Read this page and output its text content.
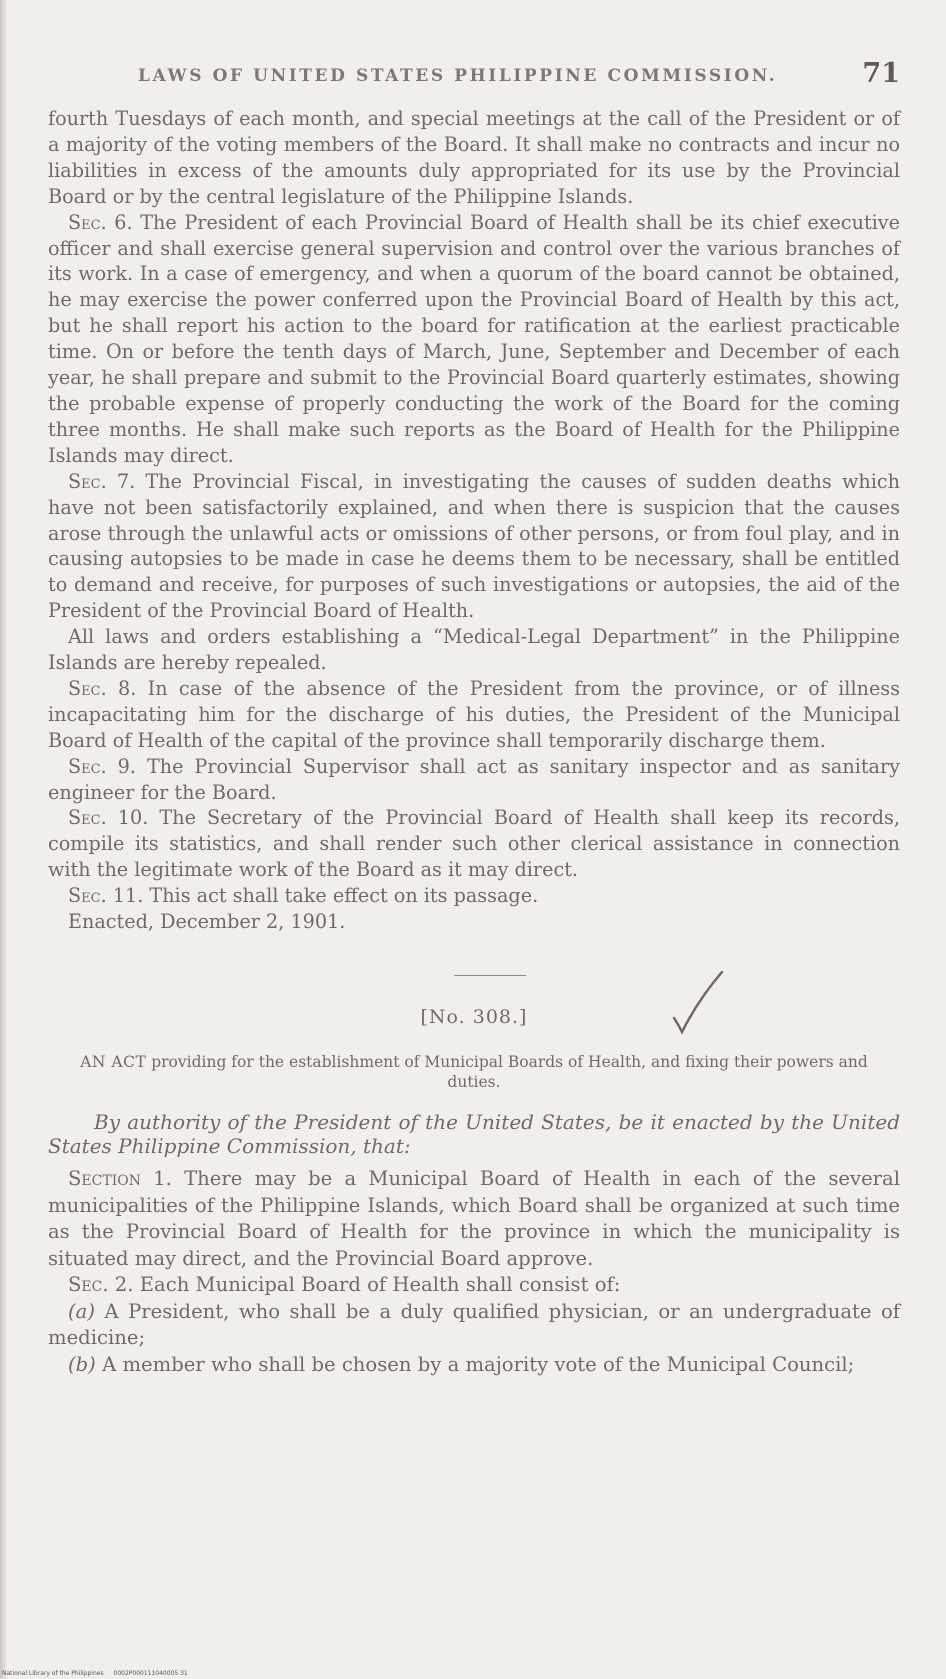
LAWS OF UNITED STATES PHILIPPINE COMMISSION.	71

fourth Tuesdays of each month, and special meetings at the call of the President or of a majority of the voting members of the Board. It shall make no contracts and incur no liabilities in excess of the amounts duly appropriated for its use by the Provincial Board or by the central legislature of the Philippine Islands.

Sec. 6. The President of each Provincial Board of Health shall be its chief executive officer and shall exercise general supervision and control over the various branches of its work. In a case of emergency, and when a quorum of the board cannot be obtained, he may exercise the power conferred upon the Provincial Board of Health by this act, but he shall report his action to the board for ratification at the earliest practicable time. On or before the tenth days of March, June, September and December of each year, he shall prepare and submit to the Provincial Board quarterly estimates, showing the probable expense of properly conducting the work of the Board for the coming three months. He shall make such reports as the Board of Health for the Philippine Islands may direct.

Sec. 7. The Provincial Fiscal, in investigating the causes of sudden deaths which have not been satisfactorily explained, and when there is suspicion that the causes arose through the unlawful acts or omissions of other persons, or from foul play, and in causing autopsies to be made in case he deems them to be necessary, shall be entitled to demand and receive, for purposes of such investigations or autopsies, the aid of the President of the Provincial Board of Health.

All laws and orders establishing a “Medical-Legal Department” in the Philippine Islands are hereby repealed.

Sec. 8. In case of the absence of the President from the province, or of illness incapacitating him for the discharge of his duties, the President of the Municipal Board of Health of the capital of the province shall temporarily discharge them.

Sec. 9. The Provincial Supervisor shall act as sanitary inspector and as sanitary engineer for the Board.

Sec. 10. The Secretary of the Provincial Board of Health shall keep its records, compile its statistics, and shall render such other clerical assistance in connection with the legitimate work of the Board as it may direct.

Sec. 11. This act shall take effect on its passage.

Enacted, December 2, 1901.

[No. 308.]

AN ACT providing for the establishment of Municipal Boards of Health, and fixing their powers and duties.

By authority of the President of the United States, be it enacted by the United States Philippine Commission, that:

Section 1. There may be a Municipal Board of Health in each of the several municipalities of the Philippine Islands, which Board shall be organized at such time as the Provincial Board of Health for the province in which the municipality is situated may direct, and the Provincial Board approve.

Sec. 2. Each Municipal Board of Health shall consist of:

(a) A President, who shall be a duly qualified physician, or an undergraduate of medicine;

(b) A member who shall be chosen by a majority vote of the Municipal Council;

National Library of the Philippines 0002P000111040005 31
